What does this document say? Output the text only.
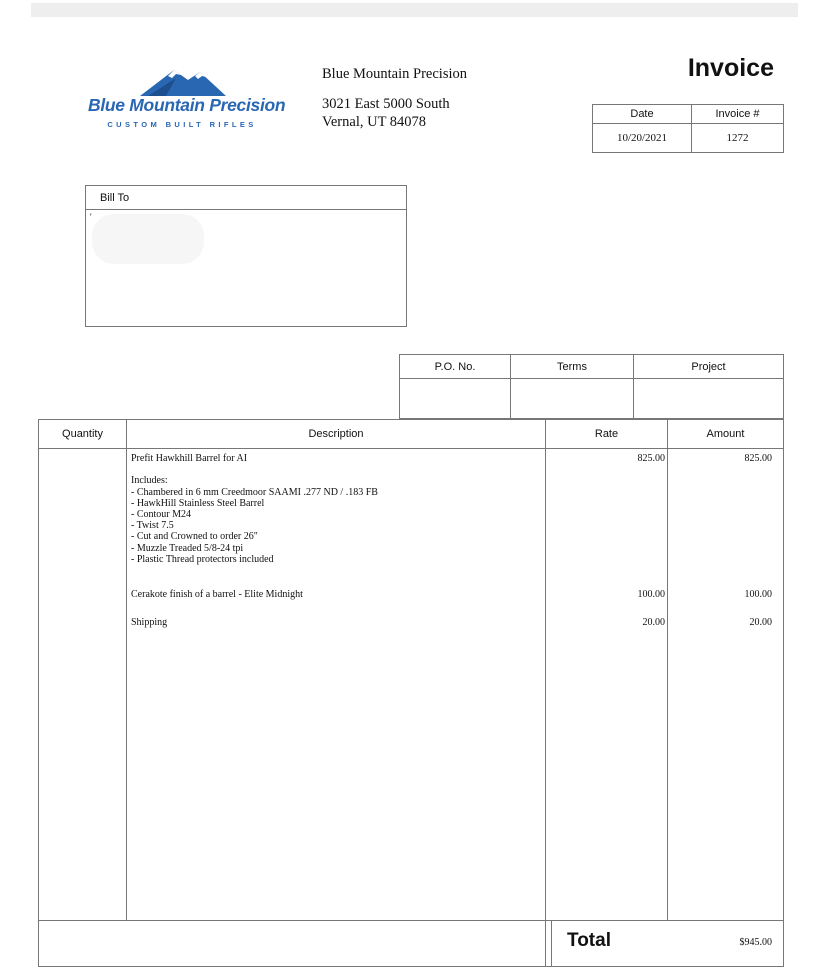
Blue Mountain Precision
CUSTOM BUILT RIFLES
Blue Mountain Precision
3021 East 5000 South
Vernal, UT 84078
Invoice
Date	Invoice #
10/20/2021	1272
Bill To
'
P.O. No.	Terms	Project

Quantity	Description	Rate	Amount
Prefit Hawkhill Barrel for AI

Includes:
- Chambered in 6 mm Creedmoor SAAMI .277 ND / .183 FB
- HawkHill Stainless Steel Barrel
- Contour M24
- Twist 7.5
- Cut and Crowned to order 26"
- Muzzle Treaded 5/8-24 tpi
- Plastic Thread protectors included
825.00	825.00
Cerakote finish of a barrel - Elite Midnight	100.00	100.00
Shipping	20.00	20.00
Total	$945.00
